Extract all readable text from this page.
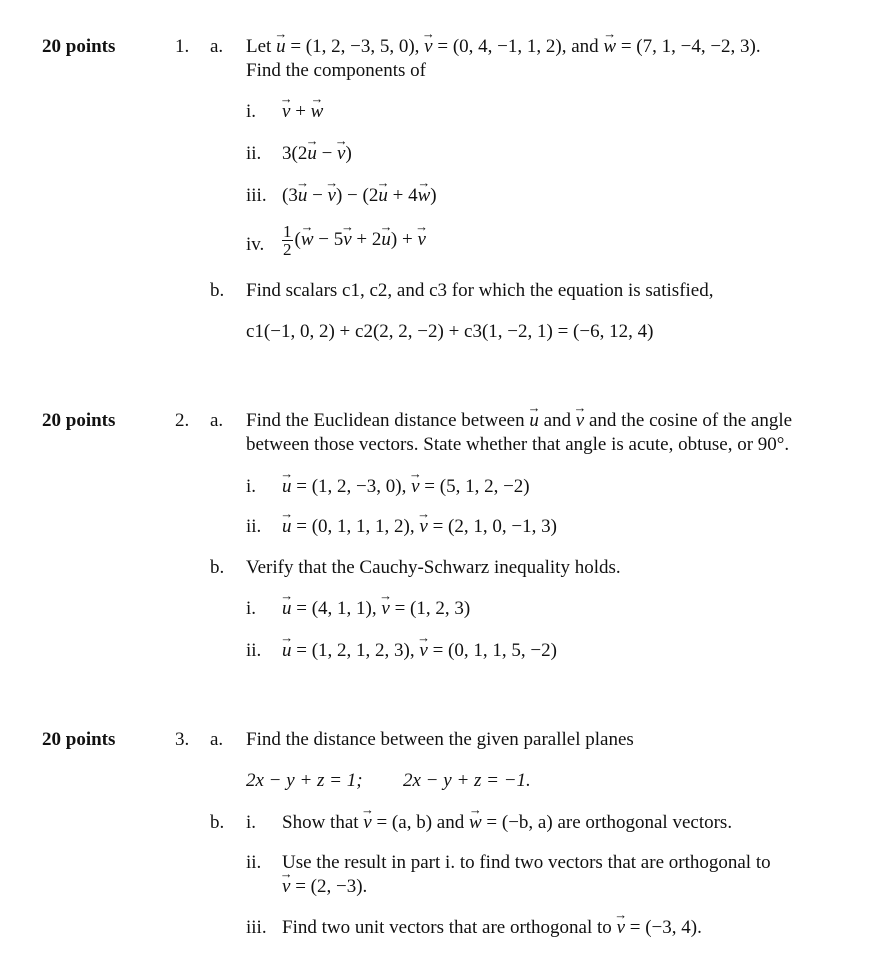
20 points	1. a. Let → u = (1, 2, −3, 5, 0), → v = (0, 4, −1, 1, 2), and → w = (7, 1, −4, −2, 3).
Find the components of
i. → v + → w
ii. 3(2→ u − → v)
iii. (3→ u − → v) − (2→ u + 4→ w)
iv. $\frac{1}{2}$ (→ w − 5→ v + 2→ u) + → v
b. Find scalars c1, c2, and c3 for which the equation is satisfied,
c1(−1, 0, 2) + c2(2, 2, −2) + c3(1, −2, 1) = (−6, 12, 4)
20 points	2. a. Find the Euclidean distance between → u and → v and the cosine of the angle
between those vectors. State whether that angle is acute, obtuse, or 90°.
i. → u = (1, 2, −3, 0), → v = (5, 1, 2, −2)
ii. → u = (0, 1, 1, 1, 2), → v = (2, 1, 0, −1, 3)
b. Verify that the Cauchy-Schwarz inequality holds.
i. → u = (4, 1, 1), → v = (1, 2, 3)
ii. → u = (1, 2, 1, 2, 3), → v = (0, 1, 1, 5, −2)
20 points	3. a. Find the distance between the given parallel planes
2x − y + z = 1; 2x − y + z = −1.
b. i. Show that → v = (a, b) and → w = (−b, a) are orthogonal vectors.
ii. Use the result in part i. to find two vectors that are orthogonal to
→ v = (2, −3).
iii. Find two unit vectors that are orthogonal to → v = (−3, 4).
